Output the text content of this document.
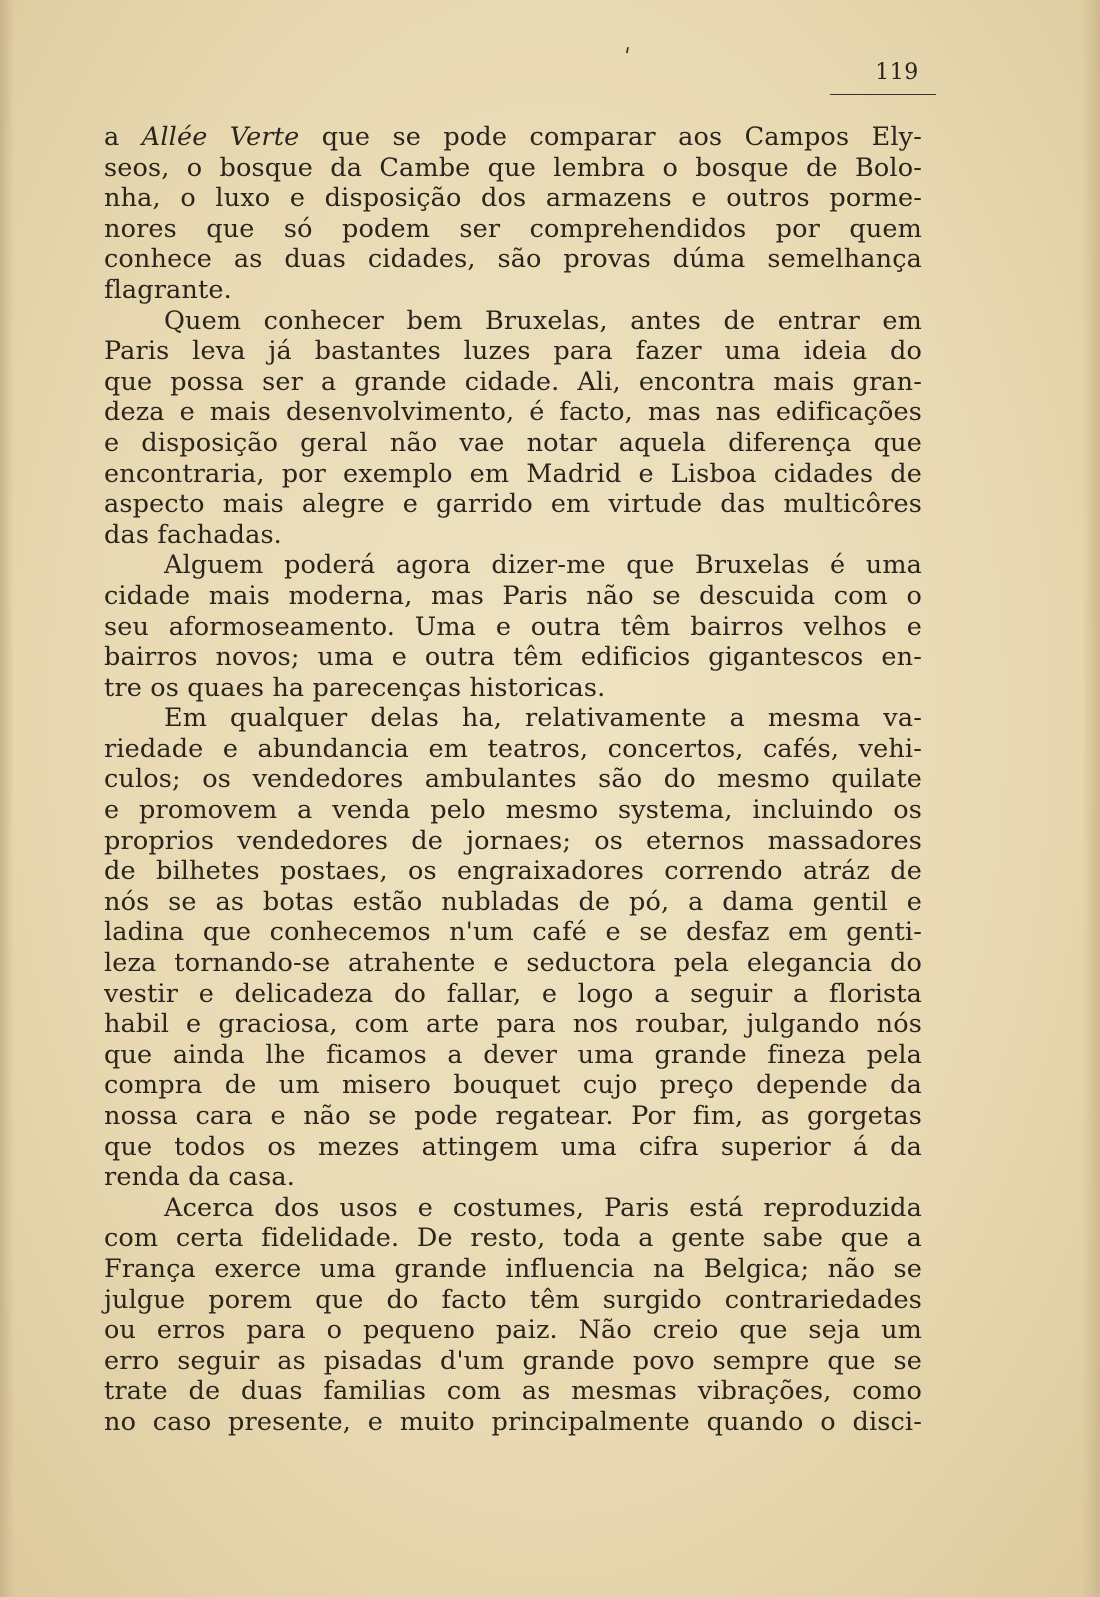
'
119
a Allée Verte que se pode comparar aos Campos Ely-
seos, o bosque da Cambe que lembra o bosque de Bolo-
nha, o luxo e disposição dos armazens e outros porme-
nores que só podem ser comprehendidos por quem
conhece as duas cidades, são provas dúma semelhança
flagrante.
Quem conhecer bem Bruxelas, antes de entrar em
Paris leva já bastantes luzes para fazer uma ideia do
que possa ser a grande cidade. Ali, encontra mais gran-
deza e mais desenvolvimento, é facto, mas nas edificações
e disposição geral não vae notar aquela diferença que
encontraria, por exemplo em Madrid e Lisboa cidades de
aspecto mais alegre e garrido em virtude das multicôres
das fachadas.
Alguem poderá agora dizer-me que Bruxelas é uma
cidade mais moderna, mas Paris não se descuida com o
seu aformoseamento. Uma e outra têm bairros velhos e
bairros novos; uma e outra têm edificios gigantescos en-
tre os quaes ha parecenças historicas.
Em qualquer delas ha, relativamente a mesma va-
riedade e abundancia em teatros, concertos, cafés, vehi-
culos; os vendedores ambulantes são do mesmo quilate
e promovem a venda pelo mesmo systema, incluindo os
proprios vendedores de jornaes; os eternos massadores
de bilhetes postaes, os engraixadores correndo atráz de
nós se as botas estão nubladas de pó, a dama gentil e
ladina que conhecemos n'um café e se desfaz em genti-
leza tornando-se atrahente e seductora pela elegancia do
vestir e delicadeza do fallar, e logo a seguir a florista
habil e graciosa, com arte para nos roubar, julgando nós
que ainda lhe ficamos a dever uma grande fineza pela
compra de um misero bouquet cujo preço depende da
nossa cara e não se pode regatear. Por fim, as gorgetas
que todos os mezes attingem uma cifra superior á da
renda da casa.
Acerca dos usos e costumes, Paris está reproduzida
com certa fidelidade. De resto, toda a gente sabe que a
França exerce uma grande influencia na Belgica; não se
julgue porem que do facto têm surgido contrariedades
ou erros para o pequeno paiz. Não creio que seja um
erro seguir as pisadas d'um grande povo sempre que se
trate de duas familias com as mesmas vibrações, como
no caso presente, e muito principalmente quando o disci-
